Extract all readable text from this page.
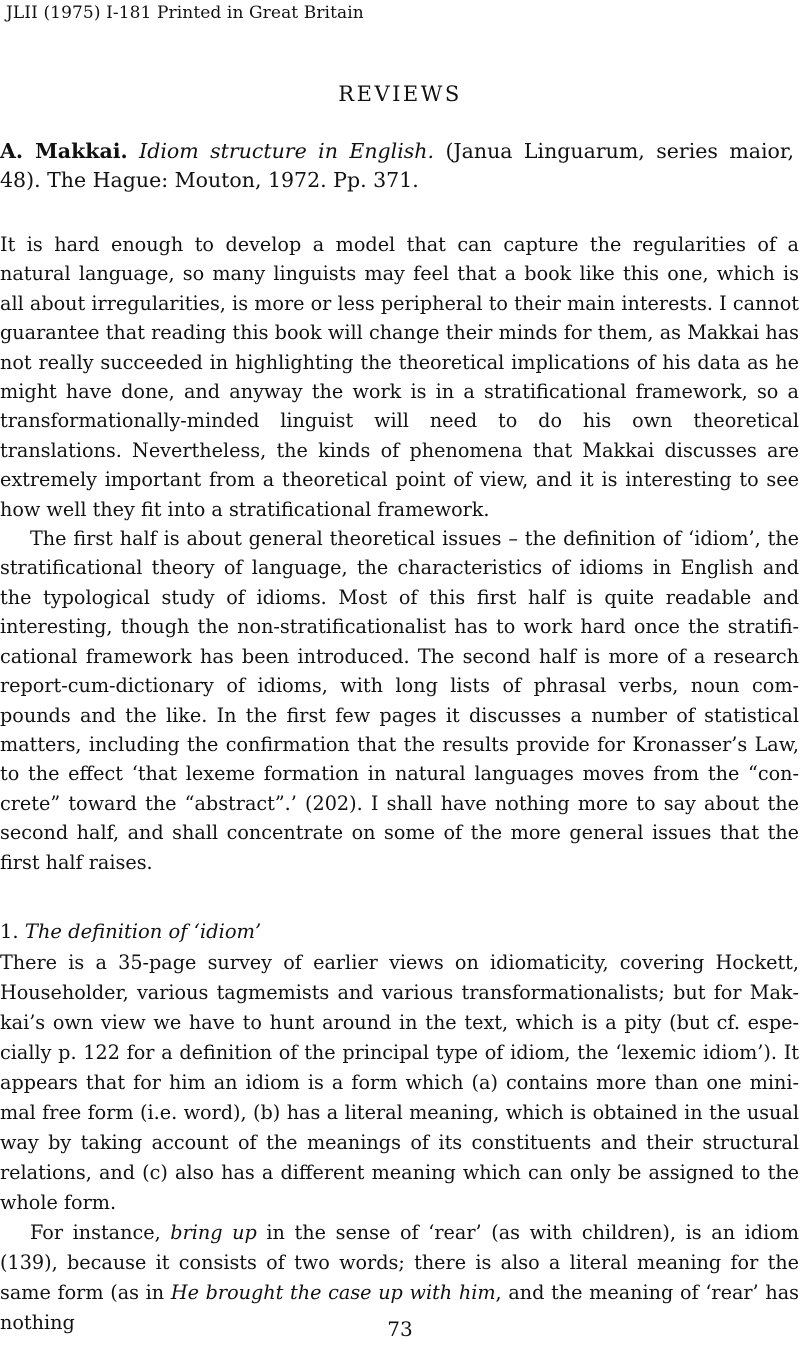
JLII (1975) I-181 Printed in Great Britain
REVIEWS
A. Makkai. Idiom structure in English. (Janua Linguarum, series maior, 48). The Hague: Mouton, 1972. Pp. 371.

It is hard enough to develop a model that can capture the regularities of a natural language, so many linguists may feel that a book like this one, which is all about irregularities, is more or less peripheral to their main interests. I cannot guarantee that reading this book will change their minds for them, as Makkai has not really succeeded in highlighting the theoretical implications of his data as he might have done, and anyway the work is in a stratificational framework, so a transformationally-minded linguist will need to do his own theoretical translations. Nevertheless, the kinds of phenomena that Makkai discusses are extremely important from a theoretical point of view, and it is interesting to see how well they fit into a stratificational framework.

The first half is about general theoretical issues – the definition of ‘idiom’, the stratificational theory of language, the characteristics of idioms in English and the typological study of idioms. Most of this first half is quite readable and interesting, though the non-stratificationalist has to work hard once the stratificational framework has been introduced. The second half is more of a research report-cum-dictionary of idioms, with long lists of phrasal verbs, noun compounds and the like. In the first few pages it discusses a number of statistical matters, including the confirmation that the results provide for Kronasser’s Law, to the effect ‘that lexeme formation in natural languages moves from the “concrete” toward the “abstract”.’ (202). I shall have nothing more to say about the second half, and shall concentrate on some of the more general issues that the first half raises.

1. The definition of ‘idiom’

There is a 35-page survey of earlier views on idiomaticity, covering Hockett, Householder, various tagmemists and various transformationalists; but for Makkai’s own view we have to hunt around in the text, which is a pity (but cf. especially p. 122 for a definition of the principal type of idiom, the ‘lexemic idiom’). It appears that for him an idiom is a form which (a) contains more than one minimal free form (i.e. word), (b) has a literal meaning, which is obtained in the usual way by taking account of the meanings of its constituents and their structural relations, and (c) also has a different meaning which can only be assigned to the whole form.

For instance, bring up in the sense of ‘rear’ (as with children), is an idiom (139), because it consists of two words; there is also a literal meaning for the same form (as in He brought the case up with him, and the meaning of ‘rear’ has nothing	73
